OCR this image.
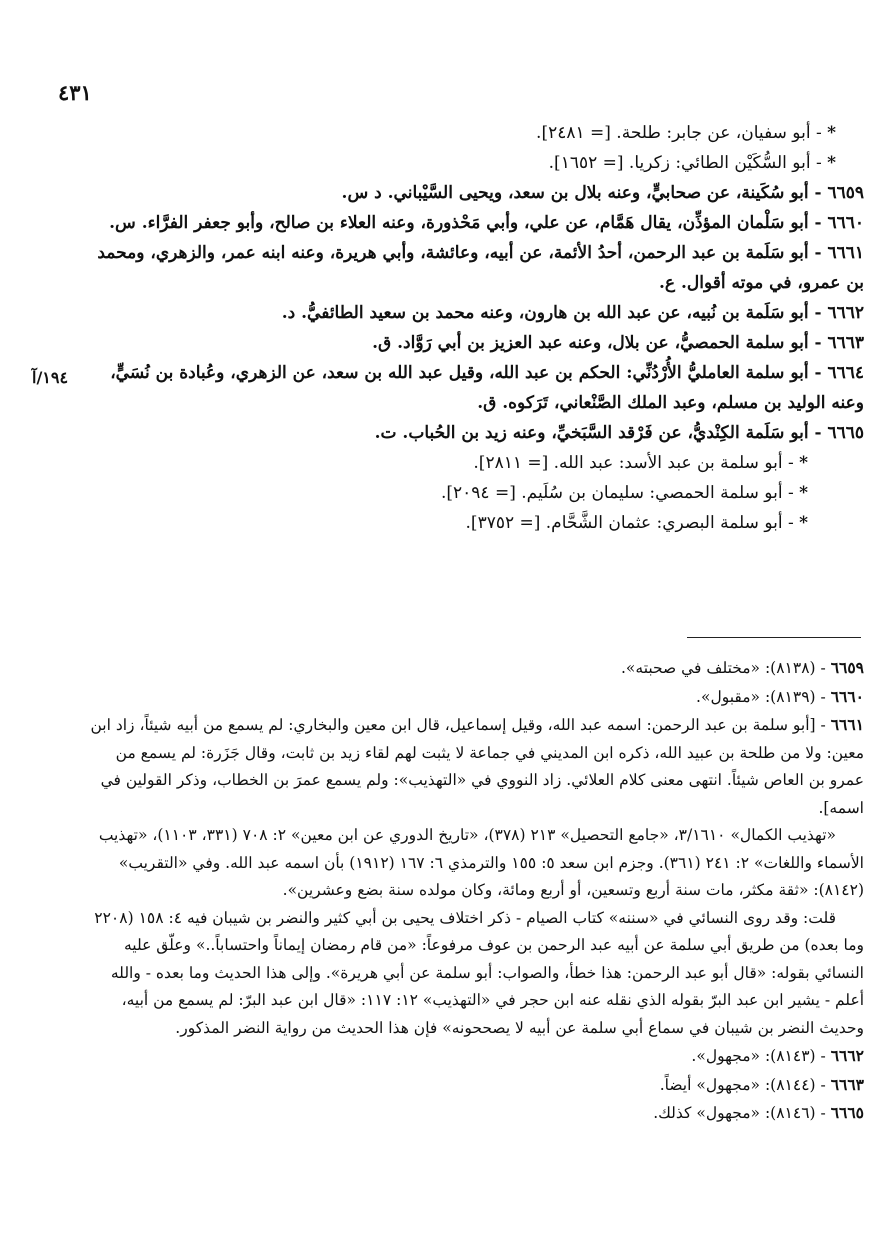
٤٣١
١٩٤/آ
* - أبو سفيان، عن جابر: طلحة. [= ٢٤٨١].
* - أبو السُّكَيْن الطائي: زكريا. [= ١٦٥٢].
٦٦٥٩ - أبو سُكَينة، عن صحابيٍّ، وعنه بلال بن سعد، ويحيى السَّيْباني. د س.
٦٦٦٠ - أبو سَلْمان المؤذِّن، يقال هَمَّام، عن علي، وأبي مَحْذورة، وعنه العلاء بن صالح، وأبو جعفر الفرَّاء. س.
٦٦٦١ - أبو سَلَمة بن عبد الرحمن، أحدُ الأئمة، عن أبيه، وعائشة، وأبي هريرة، وعنه ابنه عمر، والزهري، ومحمد بن عمرو، في موته أقوال. ع.
٦٦٦٢ - أبو سَلَمة بن نُبيه، عن عبد الله بن هارون، وعنه محمد بن سعيد الطائفيُّ. د.
٦٦٦٣ - أبو سلمة الحمصيُّ، عن بلال، وعنه عبد العزيز بن أبي رَوَّاد. ق.
٦٦٦٤ - أبو سلمة العامليُّ الأُرْدُنِّي: الحكم بن عبد الله، وقيل عبد الله بن سعد، عن الزهري، وعُبادة بن نُسَيٍّ، وعنه الوليد بن مسلم، وعبد الملك الصَّنْعاني، تَرَكوه. ق.
٦٦٦٥ - أبو سَلَمة الكِنْديُّ، عن فَرْقد السَّبَخيِّ، وعنه زيد بن الحُباب. ت.
* - أبو سلمة بن عبد الأسد: عبد الله. [= ٢٨١١].
* - أبو سلمة الحمصي: سليمان بن سُلَيم. [= ٢٠٩٤].
* - أبو سلمة البصري: عثمان الشَّحَّام. [= ٣٧٥٢].

٦٦٥٩ - (٨١٣٨): «مختلف في صحبته».

٦٦٦٠ - (٨١٣٩): «مقبول».

٦٦٦١ - [أبو سلمة بن عبد الرحمن: اسمه عبد الله، وقيل إسماعيل، قال ابن معين والبخاري: لم يسمع من أبيه شيئاً، زاد ابن معين: ولا من طلحة بن عبيد الله، ذكره ابن المديني في جماعة لا يثبت لهم لقاء زيد بن ثابت، وقال جَزَرة: لم يسمع من عمرو بن العاص شيئاً. انتهى معنى كلام العلائي. زاد النووي في «التهذيب»: ولم يسمع عمرَ بن الخطاب، وذكر القولين في اسمه].

«تهذيب الكمال» ٣/١٦١٠، «جامع التحصيل» ٢١٣ (٣٧٨)، «تاريخ الدوري عن ابن معين» ٢: ٧٠٨ (٣٣١، ١١٠٣)، «تهذيب الأسماء واللغات» ٢: ٢٤١ (٣٦١). وجزم ابن سعد ٥: ١٥٥ والترمذي ٦: ١٦٧ (١٩١٢) بأن اسمه عبد الله. وفي «التقريب» (٨١٤٢): «ثقة مكثر، مات سنة أربع وتسعين، أو أربع ومائة، وكان مولده سنة بضع وعشرين».

قلت: وقد روى النسائي في «سننه» كتاب الصيام - ذكر اختلاف يحيى بن أبي كثير والنضر بن شيبان فيه ٤: ١٥٨ (٢٢٠٨ وما بعده) من طريق أبي سلمة عن أبيه عبد الرحمن بن عوف مرفوعاً: «من قام رمضان إيماناً واحتساباً..» وعلّق عليه النسائي بقوله: «قال أبو عبد الرحمن: هذا خطأ، والصواب: أبو سلمة عن أبي هريرة». وإلى هذا الحديث وما بعده - والله أعلم - يشير ابن عبد البرّ بقوله الذي نقله عنه ابن حجر في «التهذيب» ١٢: ١١٧: «قال ابن عبد البرّ: لم يسمع من أبيه، وحديث النضر بن شيبان في سماع أبي سلمة عن أبيه لا يصححونه» فإن هذا الحديث من رواية النضر المذكور.

٦٦٦٢ - (٨١٤٣): «مجهول».

٦٦٦٣ - (٨١٤٤): «مجهول» أيضاً.

٦٦٦٥ - (٨١٤٦): «مجهول» كذلك.
